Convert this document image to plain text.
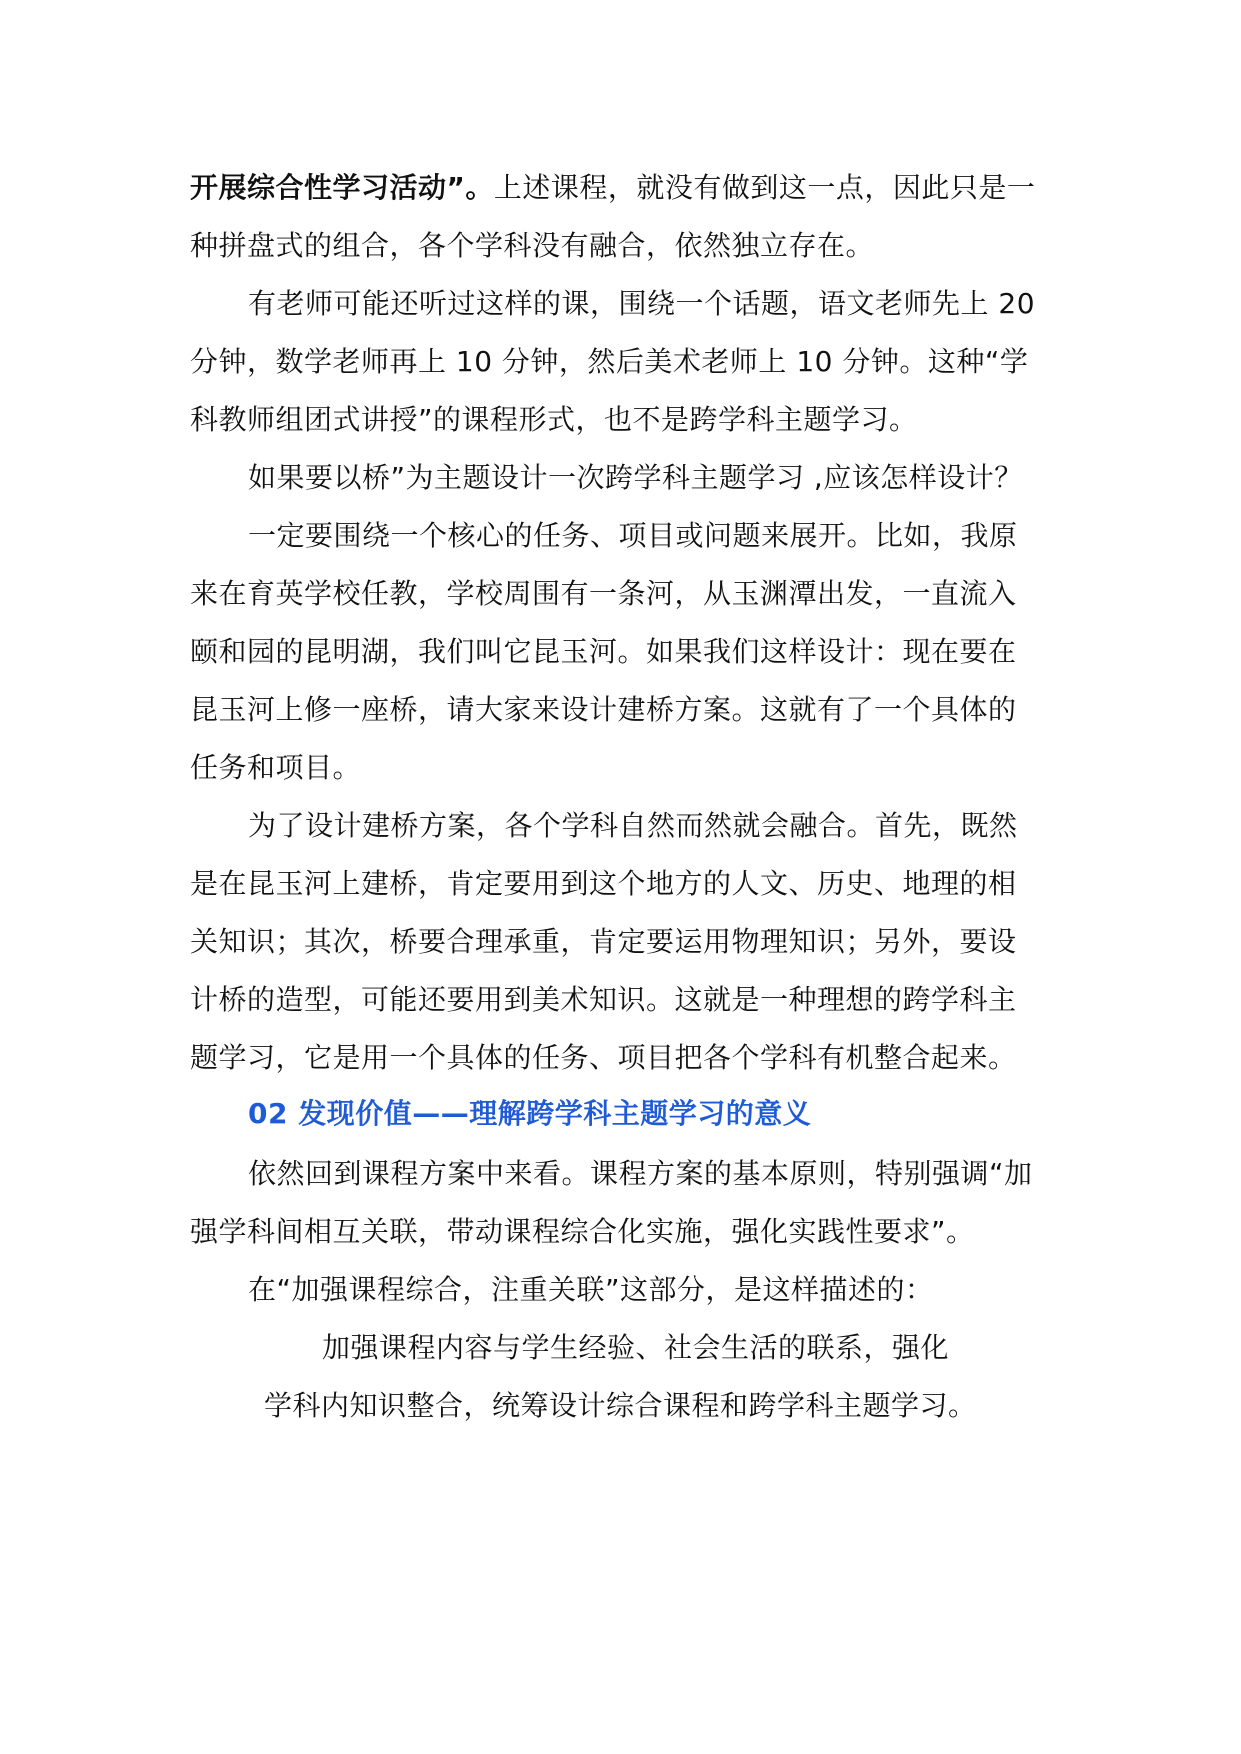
开展综合性学习活动”。上述课程，就没有做到这一点，因此只是一
种拼盘式的组合，各个学科没有融合，依然独立存在。
有老师可能还听过这样的课，围绕一个话题，语文老师先上 20
分钟，数学老师再上 10 分钟，然后美术老师上 10 分钟。这种“学
科教师组团式讲授”的课程形式，也不是跨学科主题学习。
如果要以桥”为主题设计一次跨学科主题学习 ,应该怎样设计？
一定要围绕一个核心的任务、项目或问题来展开。比如，我原
来在育英学校任教，学校周围有一条河，从玉渊潭出发，一直流入
颐和园的昆明湖，我们叫它昆玉河。如果我们这样设计：现在要在
昆玉河上修一座桥，请大家来设计建桥方案。这就有了一个具体的
任务和项目。
为了设计建桥方案，各个学科自然而然就会融合。首先，既然
是在昆玉河上建桥，肯定要用到这个地方的人文、历史、地理的相
关知识；其次，桥要合理承重，肯定要运用物理知识；另外，要设
计桥的造型，可能还要用到美术知识。这就是一种理想的跨学科主
题学习，它是用一个具体的任务、项目把各个学科有机整合起来。
02 发现价值——理解跨学科主题学习的意义
依然回到课程方案中来看。课程方案的基本原则，特别强调“加
强学科间相互关联，带动课程综合化实施，强化实践性要求”。
在“加强课程综合，注重关联”这部分，是这样描述的：
加强课程内容与学生经验、社会生活的联系，强化
学科内知识整合，统筹设计综合课程和跨学科主题学习。
